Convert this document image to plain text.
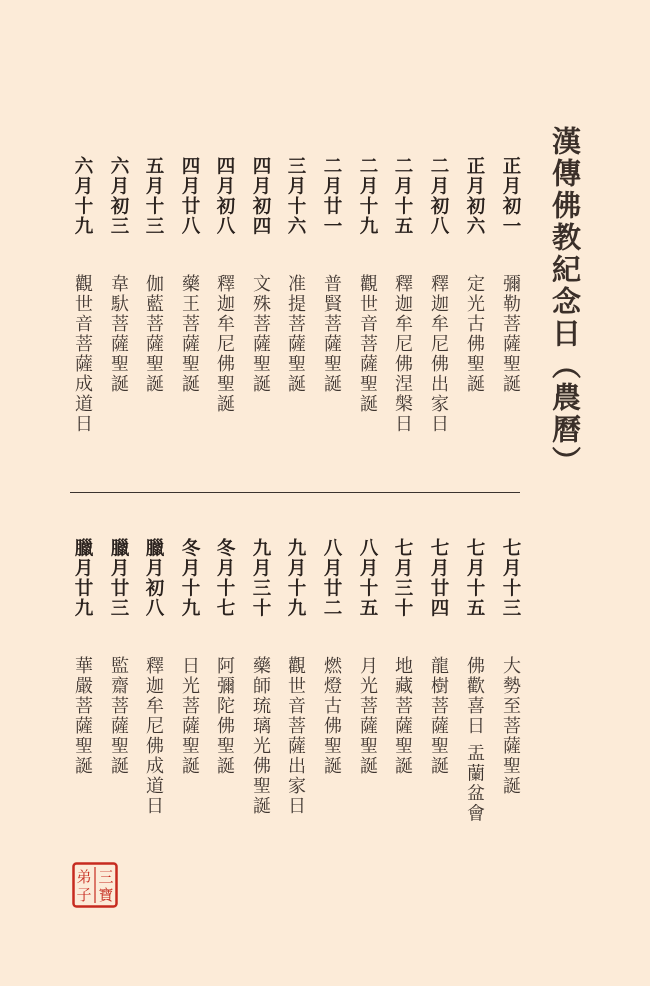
漢傳佛教紀念日（農曆）
正月初一
彌勒菩薩聖誕
正月初六
定光古佛聖誕
二月初八
釋迦牟尼佛出家日
二月十五
釋迦牟尼佛涅槃日
二月十九
觀世音菩薩聖誕
二月廿一
普賢菩薩聖誕
三月十六
准提菩薩聖誕
四月初四
文殊菩薩聖誕
四月初八
釋迦牟尼佛聖誕
四月廿八
藥王菩薩聖誕
五月十三
伽藍菩薩聖誕
六月初三
韋馱菩薩聖誕
六月十九
觀世音菩薩成道日
七月十三
大勢至菩薩聖誕
七月十五
佛歡喜日 盂蘭盆會
七月廿四
龍樹菩薩聖誕
七月三十
地藏菩薩聖誕
八月十五
月光菩薩聖誕
八月廿二
燃燈古佛聖誕
九月十九
觀世音菩薩出家日
九月三十
藥師琉璃光佛聖誕
冬月十七
阿彌陀佛聖誕
冬月十九
日光菩薩聖誕
臘月初八
釋迦牟尼佛成道日
臘月廿三
監齋菩薩聖誕
臘月廿九
華嚴菩薩聖誕
三
寶
弟
子
